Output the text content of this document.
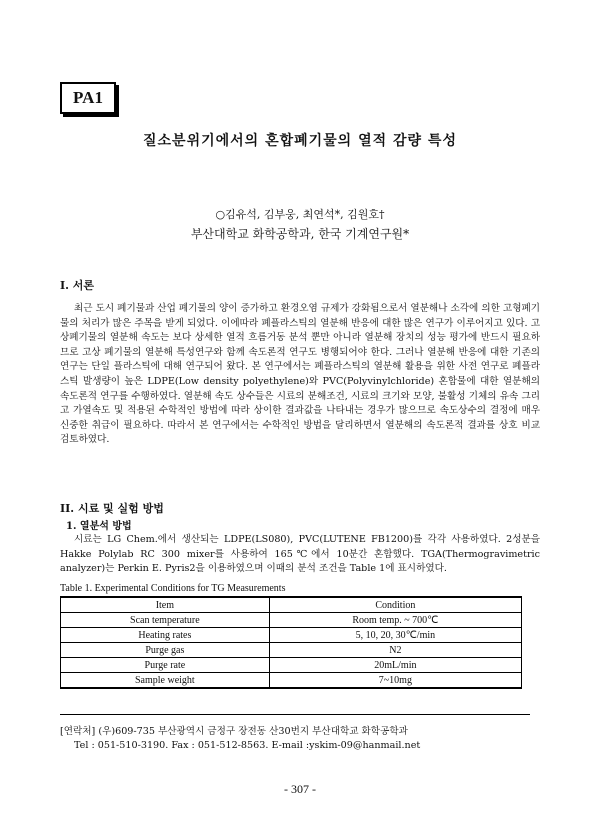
PA1
질소분위기에서의 혼합폐기물의 열적 감량 특성
○김유석, 김부웅, 최연석*, 김원호†
부산대학교 화학공학과, 한국 기계연구원*
I. 서론
최근 도시 폐기물과 산업 폐기물의 양이 증가하고 환경오염 규제가 강화됨으로서 열분해나 소각에 의한 고형폐기물의 처리가 많은 주목을 받게 되었다. 이에따라 폐플라스틱의 열분해 반응에 대한 많은 연구가 이루어지고 있다. 고상폐기물의 열분해 속도는 보다 상세한 열적 흐름거동 분석 뿐만 아니라 열분해 장치의 성능 평가에 반드시 필요하므로 고상 폐기물의 열분해 특성연구와 함께 속도론적 연구도 병행되어야 한다. 그러나 열분해 반응에 대한 기존의 연구는 단일 플라스틱에 대해 연구되어 왔다. 본 연구에서는 폐플라스틱의 열분해 활용을 위한 사전 연구로 폐플라스틱 발생량이 높은 LDPE(Low density polyethylene)와 PVC(Polyvinylchloride) 혼합물에 대한 열분해의 속도론적 연구를 수행하였다. 열분해 속도 상수들은 시료의 분해조건, 시료의 크기와 모양, 불활성 기체의 유속 그리고 가열속도 및 적용된 수학적인 방법에 따라 상이한 결과값을 나타내는 경우가 많으므로 속도상수의 결정에 매우 신중한 취급이 필요하다. 따라서 본 연구에서는 수학적인 방법을 달리하면서 열분해의 속도론적 결과를 상호 비교 검토하였다.
II. 시료 및 실험 방법
1. 열분석 방법
시료는 LG Chem.에서 생산되는 LDPE(LS080), PVC(LUTENE FB1200)를 각각 사용하였다. 2성분을 Hakke Polylab RC 300 mixer를 사용하여 165℃에서 10분간 혼합했다. TGA(Thermogravimetric analyzer)는 Perkin E. Pyris2을 이용하였으며 이때의 분석 조건을 Table 1에 표시하였다.
Table 1. Experimental Conditions for TG Measurements
Item	Condition
Scan temperature	Room temp. ~ 700℃
Heating rates	5, 10, 20, 30℃/min
Purge gas	N2
Purge rate	20mL/min
Sample weight	7~10mg
[연락처] (우)609-735 부산광역시 금정구 장전동 산30번지 부산대학교 화학공학과
Tel : 051-510-3190. Fax : 051-512-8563. E-mail :yskim-09@hanmail.net
- 307 -
